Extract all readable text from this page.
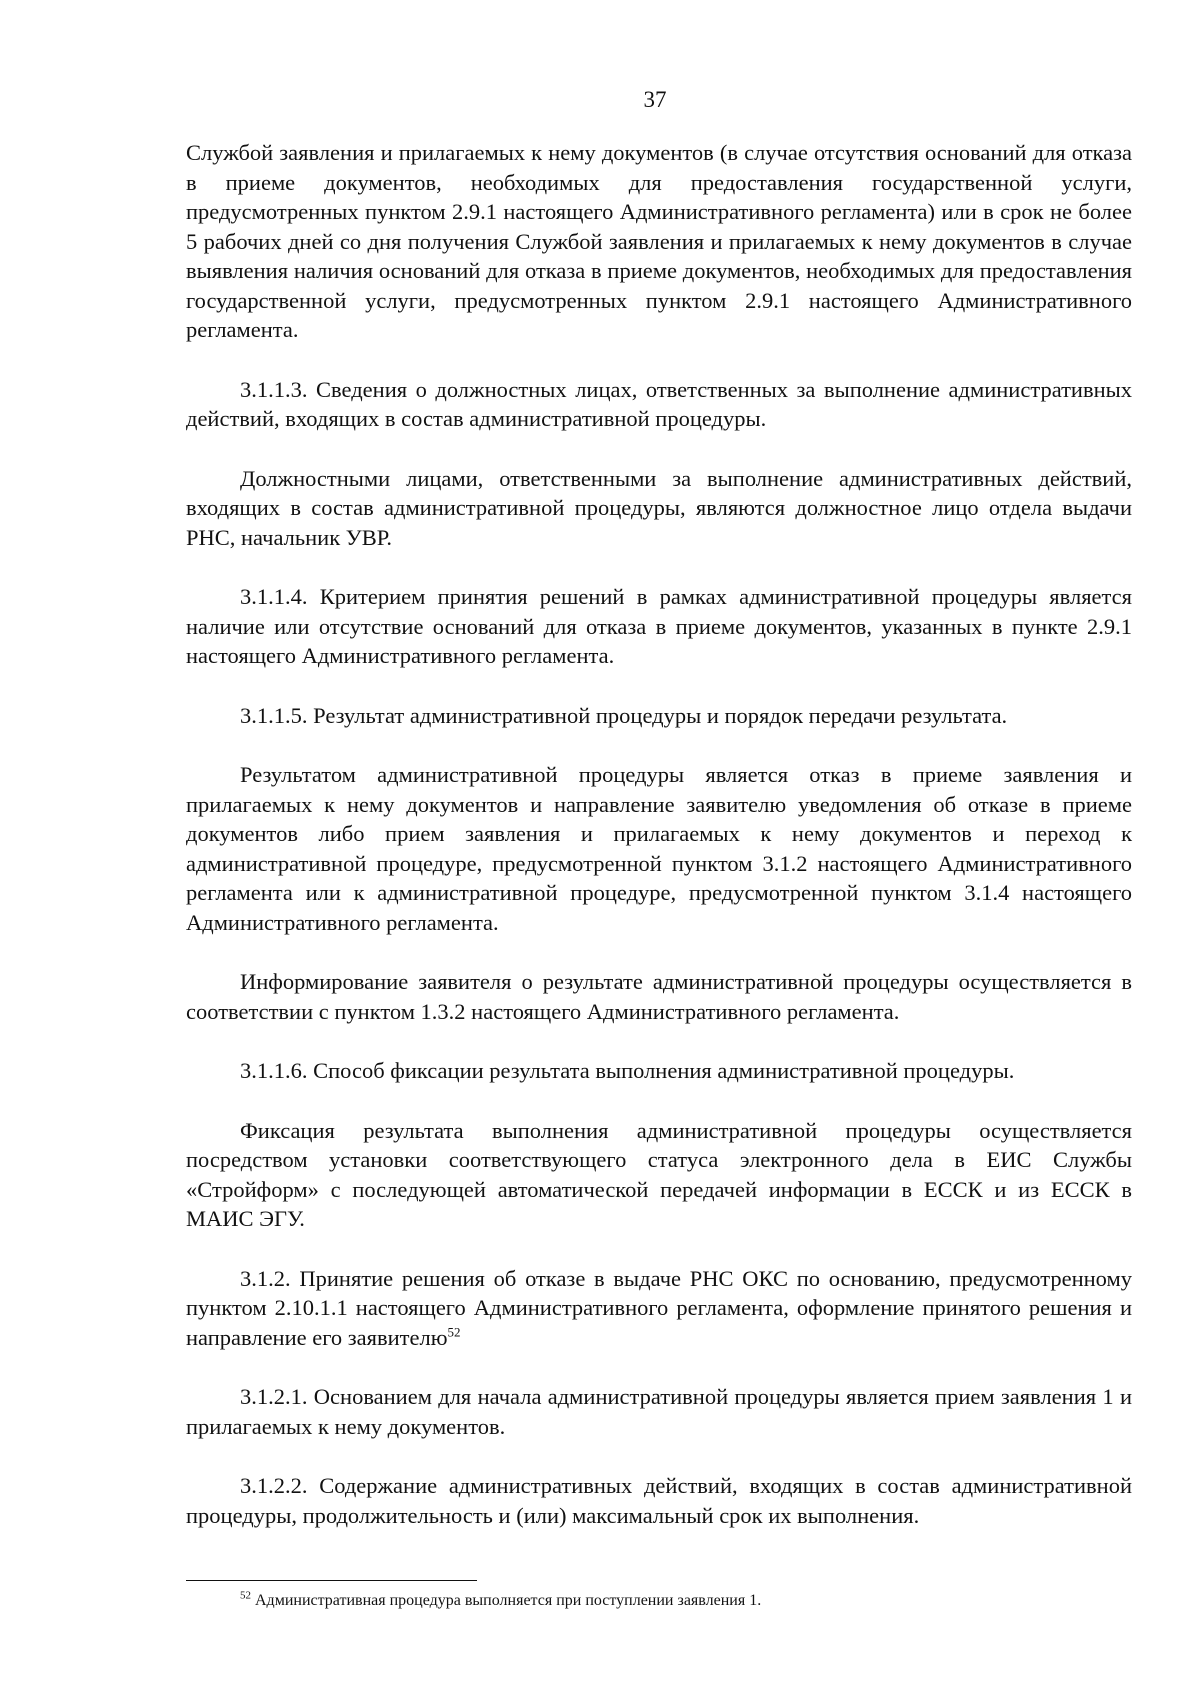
37

Службой заявления и прилагаемых к нему документов (в случае отсутствия оснований для отказа в приеме документов, необходимых для предоставления государственной услуги, предусмотренных пунктом 2.9.1 настоящего Административного регламента) или в срок не более 5 рабочих дней со дня получения Службой заявления и прилагаемых к нему документов в случае выявления наличия оснований для отказа в приеме документов, необходимых для предоставления государственной услуги, предусмотренных пунктом 2.9.1 настоящего Административного регламента.

3.1.1.3. Сведения о должностных лицах, ответственных за выполнение административных действий, входящих в состав административной процедуры.

Должностными лицами, ответственными за выполнение административных действий, входящих в состав административной процедуры, являются должностное лицо отдела выдачи РНС, начальник УВР.

3.1.1.4. Критерием принятия решений в рамках административной процедуры является наличие или отсутствие оснований для отказа в приеме документов, указанных в пункте 2.9.1 настоящего Административного регламента.

3.1.1.5. Результат административной процедуры и порядок передачи результата.

Результатом административной процедуры является отказ в приеме заявления и прилагаемых к нему документов и направление заявителю уведомления об отказе в приеме документов либо прием заявления и прилагаемых к нему документов и переход к административной процедуре, предусмотренной пунктом 3.1.2 настоящего Административного регламента или к административной процедуре, предусмотренной пунктом 3.1.4 настоящего Административного регламента.

Информирование заявителя о результате административной процедуры осуществляется в соответствии с пунктом 1.3.2 настоящего Административного регламента.

3.1.1.6. Способ фиксации результата выполнения административной процедуры.

Фиксация результата выполнения административной процедуры осуществляется посредством установки соответствующего статуса электронного дела в ЕИС Службы «Стройформ» с последующей автоматической передачей информации в ЕССК и из ЕССК в МАИС ЭГУ.

3.1.2. Принятие решения об отказе в выдаче РНС ОКС по основанию, предусмотренному пунктом 2.10.1.1 настоящего Административного регламента, оформление принятого решения и направление его заявителю$^{52}$

3.1.2.1. Основанием для начала административной процедуры является прием заявления 1 и прилагаемых к нему документов.

3.1.2.2. Содержание административных действий, входящих в состав административной процедуры, продолжительность и (или) максимальный срок их выполнения.

$^{52}$ Административная процедура выполняется при поступлении заявления 1.
